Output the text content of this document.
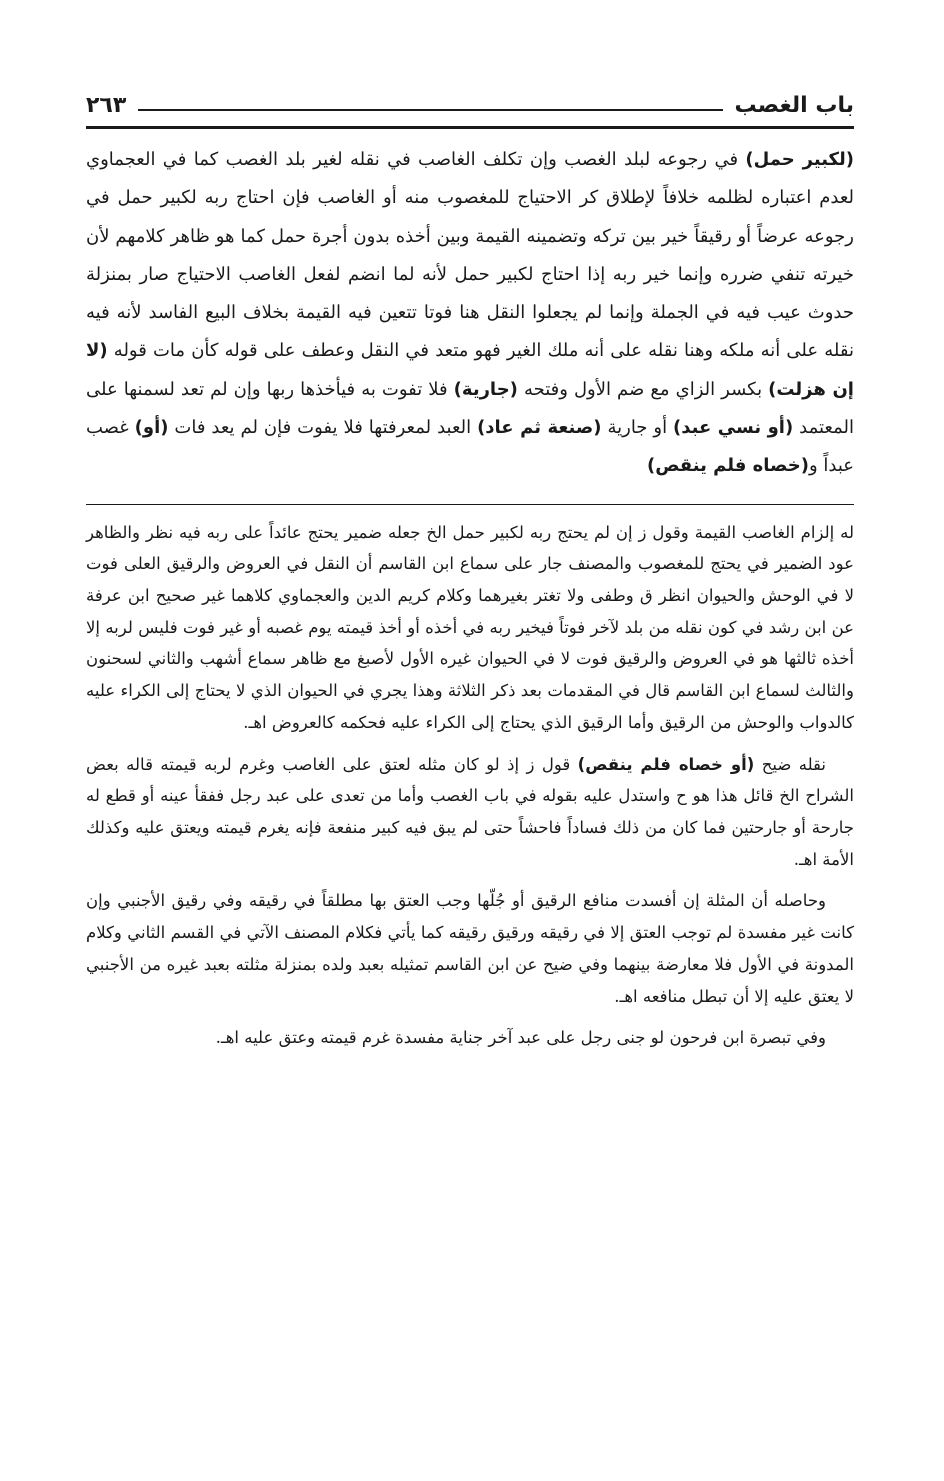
باب الغصب
٢٦٣
(لكبير حمل) في رجوعه لبلد الغصب وإن تكلف الغاصب في نقله لغير بلد الغصب كما في العجماوي لعدم اعتباره لظلمه خلافاً لإطلاق كر الاحتياج للمغصوب منه أو الغاصب فإن احتاج ربه لكبير حمل في رجوعه عرضاً أو رقيقاً خير بين تركه وتضمينه القيمة وبين أخذه بدون أجرة حمل كما هو ظاهر كلامهم لأن خيرته تنفي ضرره وإنما خير ربه إذا احتاج لكبير حمل لأنه لما انضم لفعل الغاصب الاحتياج صار بمنزلة حدوث عيب فيه في الجملة وإنما لم يجعلوا النقل هنا فوتا تتعين فيه القيمة بخلاف البيع الفاسد لأنه فيه نقله على أنه ملكه وهنا نقله على أنه ملك الغير فهو متعد في النقل وعطف على قوله كأن مات قوله (لا إن هزلت) بكسر الزاي مع ضم الأول وفتحه (جارية) فلا تفوت به فيأخذها ربها وإن لم تعد لسمنها على المعتمد (أو نسي عبد) أو جارية (صنعة ثم عاد) العبد لمعرفتها فلا يفوت فإن لم يعد فات (أو) غصب عبداً و(خصاه فلم ينقص)

له إلزام الغاصب القيمة وقول ز إن لم يحتج ربه لكبير حمل الخ جعله ضمير يحتج عائداً على ربه فيه نظر والظاهر عود الضمير في يحتج للمغصوب والمصنف جار على سماع ابن القاسم أن النقل في العروض والرقيق العلى فوت لا في الوحش والحيوان انظر ق وطفى ولا تغتر بغيرهما وكلام كريم الدين والعجماوي كلاهما غير صحيح ابن عرفة عن ابن رشد في كون نقله من بلد لآخر فوتاً فيخير ربه في أخذه أو أخذ قيمته يوم غصبه أو غير فوت فليس لربه إلا أخذه ثالثها هو في العروض والرقيق فوت لا في الحيوان غيره الأول لأصبغ مع ظاهر سماع أشهب والثاني لسحنون والثالث لسماع ابن القاسم قال في المقدمات بعد ذكر الثلاثة وهذا يجري في الحيوان الذي لا يحتاج إلى الكراء عليه كالدواب والوحش من الرقيق وأما الرقيق الذي يحتاج إلى الكراء عليه فحكمه كالعروض اهـ.

نقله ضيح (أو خصاه فلم ينقص) قول ز إذ لو كان مثله لعتق على الغاصب وغرم لربه قيمته قاله بعض الشراح الخ قائل هذا هو ح واستدل عليه بقوله في باب الغصب وأما من تعدى على عبد رجل ففقأ عينه أو قطع له جارحة أو جارحتين فما كان من ذلك فساداً فاحشاً حتى لم يبق فيه كبير منفعة فإنه يغرم قيمته ويعتق عليه وكذلك الأمة اهـ.

وحاصله أن المثلة إن أفسدت منافع الرقيق أو جُلّها وجب العتق بها مطلقاً في رقيقه وفي رقيق الأجنبي وإن كانت غير مفسدة لم توجب العتق إلا في رقيقه ورقيق رقيقه كما يأتي فكلام المصنف الآتي في القسم الثاني وكلام المدونة في الأول فلا معارضة بينهما وفي ضيح عن ابن القاسم تمثيله بعبد ولده بمنزلة مثلته بعبد غيره من الأجنبي لا يعتق عليه إلا أن تبطل منافعه اهـ.

وفي تبصرة ابن فرحون لو جنى رجل على عبد آخر جناية مفسدة غرم قيمته وعتق عليه اهـ.
